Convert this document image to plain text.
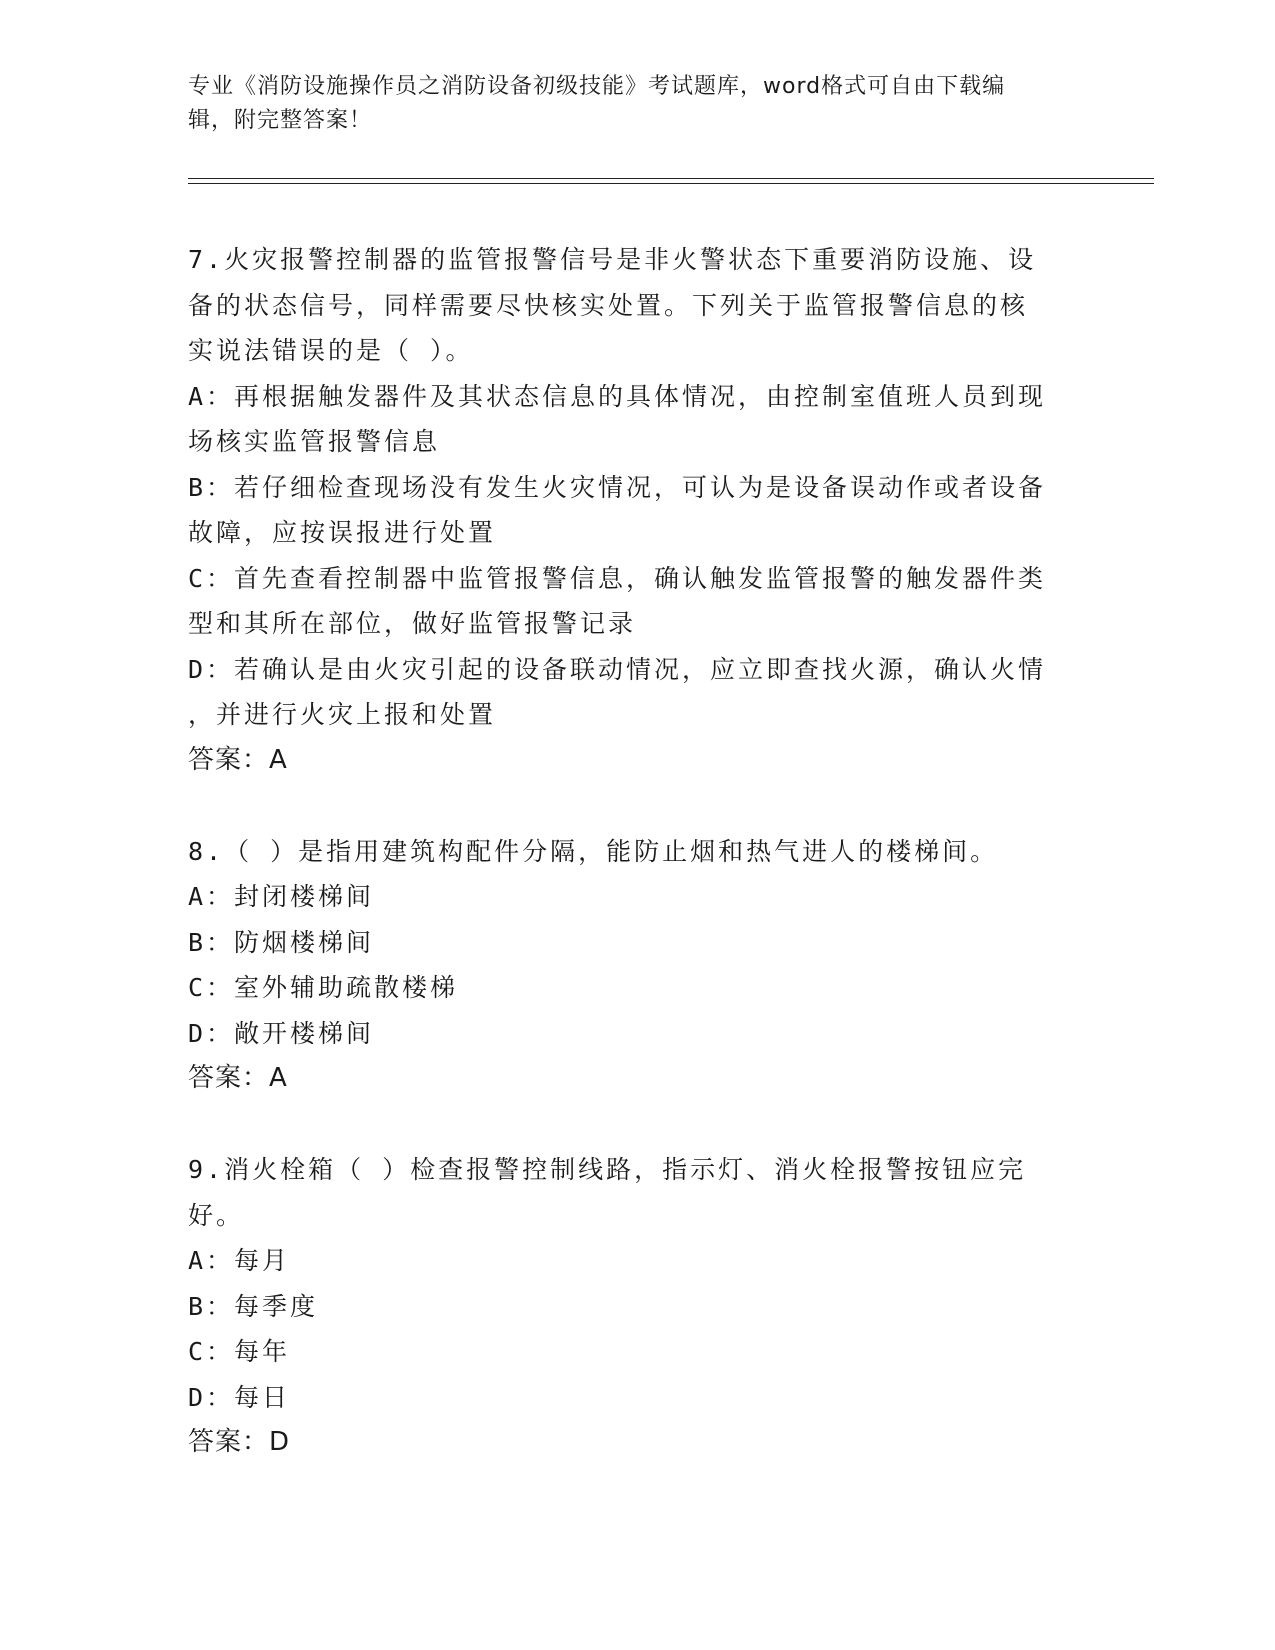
专业《消防设施操作员之消防设备初级技能》考试题库，word格式可自由下载编
辑，附完整答案！
7.火灾报警控制器的监管报警信号是非火警状态下重要消防设施、设
备的状态信号，同样需要尽快核实处置。下列关于监管报警信息的核
实说法错误的是（ ）。
A：再根据触发器件及其状态信息的具体情况，由控制室值班人员到现
场核实监管报警信息
B：若仔细检查现场没有发生火灾情况，可认为是设备误动作或者设备
故障，应按误报进行处置
C：首先查看控制器中监管报警信息，确认触发监管报警的触发器件类
型和其所在部位，做好监管报警记录
D：若确认是由火灾引起的设备联动情况，应立即查找火源，确认火情
，并进行火灾上报和处置
答案：A
8.（ ）是指用建筑构配件分隔，能防止烟和热气进人的楼梯间。
A：封闭楼梯间
B：防烟楼梯间
C：室外辅助疏散楼梯
D：敞开楼梯间
答案：A
9.消火栓箱（ ）检查报警控制线路，指示灯、消火栓报警按钮应完
好。
A：每月
B：每季度
C：每年
D：每日
答案：D
